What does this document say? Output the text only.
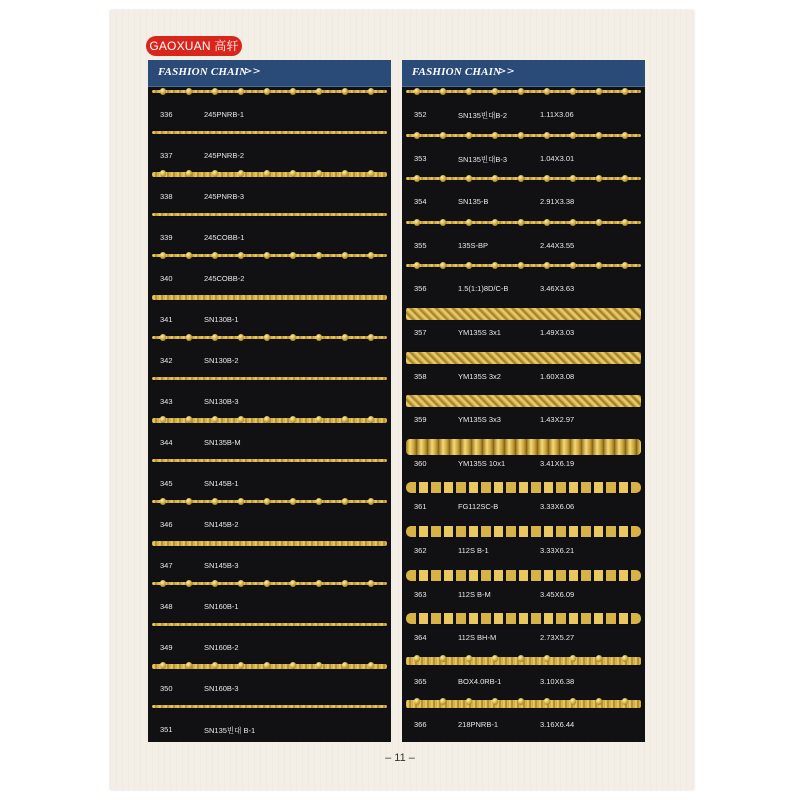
GAOXUAN 高轩
FASHION CHAIN
>>
336	245PNRB-1
337	245PNRB-2
338	245PNRB-3
339	245COBB-1
340	245COBB-2
341	SN130B-1
342	SN130B-2
343	SN130B-3
344	SN135B-M
345	SN145B-1
346	SN145B-2
347	SN145B-3
348	SN160B-1
349	SN160B-2
350	SN160B-3
351	SN135빈대 B-1
FASHION CHAIN
>>
352	SN135빈대B-2	1.11X3.06
353	SN135빈대B-3	1.04X3.01
354	SN135-B	2.91X3.38
355	135S-BP	2.44X3.55
356	1.5(1:1)8D/C-B	3.46X3.63
357	YM135S 3x1	1.49X3.03
358	YM135S 3x2	1.60X3.08
359	YM135S 3x3	1.43X2.97
360	YM135S 10x1	3.41X6.19
361	FG112SC-B	3.33X6.06
362	112S B-1	3.33X6.21
363	112S B-M	3.45X6.09
364	112S BH-M	2.73X5.27
365	BOX4.0RB-1	3.10X6.38
366	218PNRB-1	3.16X6.44
– 11 –
